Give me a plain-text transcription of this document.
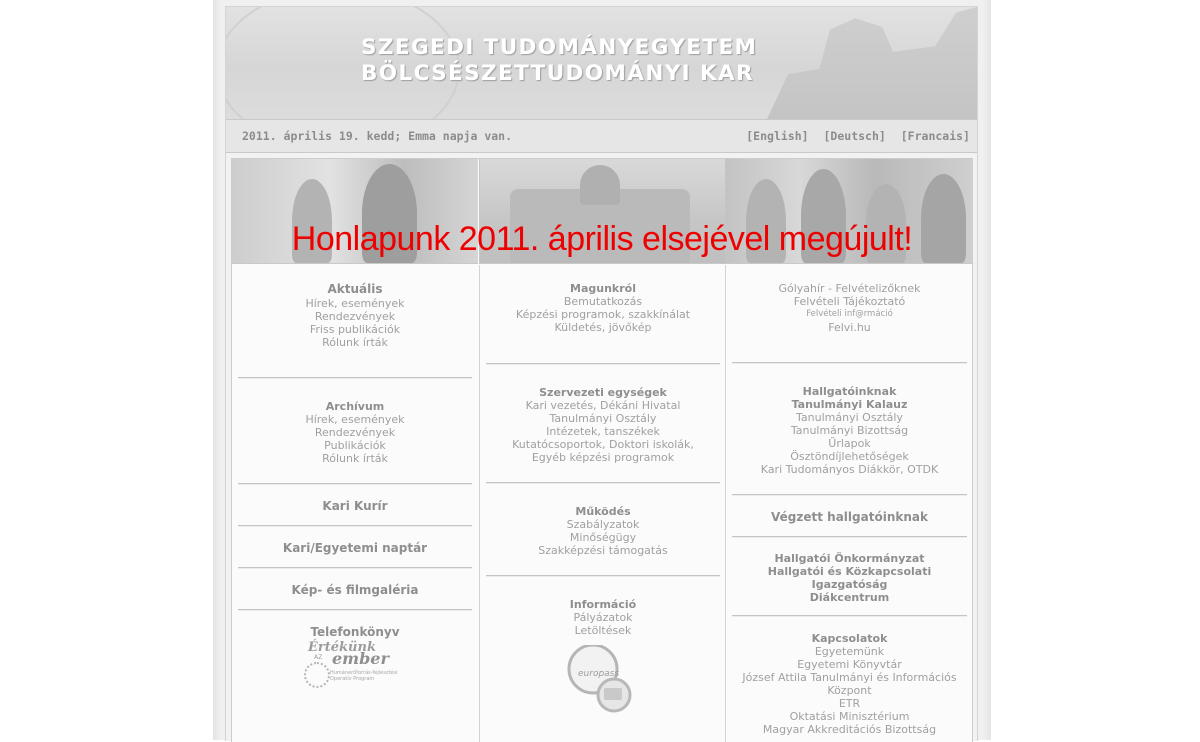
SZEGEDI TUDOMÁNYEGYETEM
BÖLCSÉSZETTUDOMÁNYI KAR
2011. április 19. kedd; Emma napja van.	[English] [Deutsch] [Francais]
Honlapunk 2011. április elsejével megújult!
Aktuális
Hírek, események
Rendezvények
Friss publikációk
Rólunk írták
Archívum
Hírek, események
Rendezvények
Publikációk
Rólunk írták
Kari Kurír
Kari/Egyetemi naptár
Kép- és filmgaléria
Telefonkönyv
Értékünk
ember
Humánerőforrás-fejlesztési
Operatív Program
AZ
Magunkról
Bemutatkozás
Képzési programok, szakkínálat
Küldetés, jövőkép
Szervezeti egységek
Kari vezetés, Dékáni Hivatal
Tanulmányi Osztály
Intézetek, tanszékek
Kutatócsoportok, Doktori iskolák,
Egyéb képzési programok
Működés
Szabályzatok
Minőségügy
Szakképzési támogatás
Információ
Pályázatok
Letöltések
europass
Gólyahír - Felvételizőknek
Felvételi Tájékoztató
Felvételi inf@rmáció
Felvi.hu
Hallgatóinknak
Tanulmányi Kalauz
Tanulmányi Osztály
Tanulmányi Bizottság
Űrlapok
Ösztöndíjlehetőségek
Kari Tudományos Diákkör, OTDK
Végzett hallgatóinknak
Hallgatói Önkormányzat
Hallgatói és Közkapcsolati
Igazgatóság
Diákcentrum
Kapcsolatok
Egyetemünk
Egyetemi Könyvtár
József Attila Tanulmányi és Információs
Központ
ETR
Oktatási Minisztérium
Magyar Akkreditációs Bizottság
